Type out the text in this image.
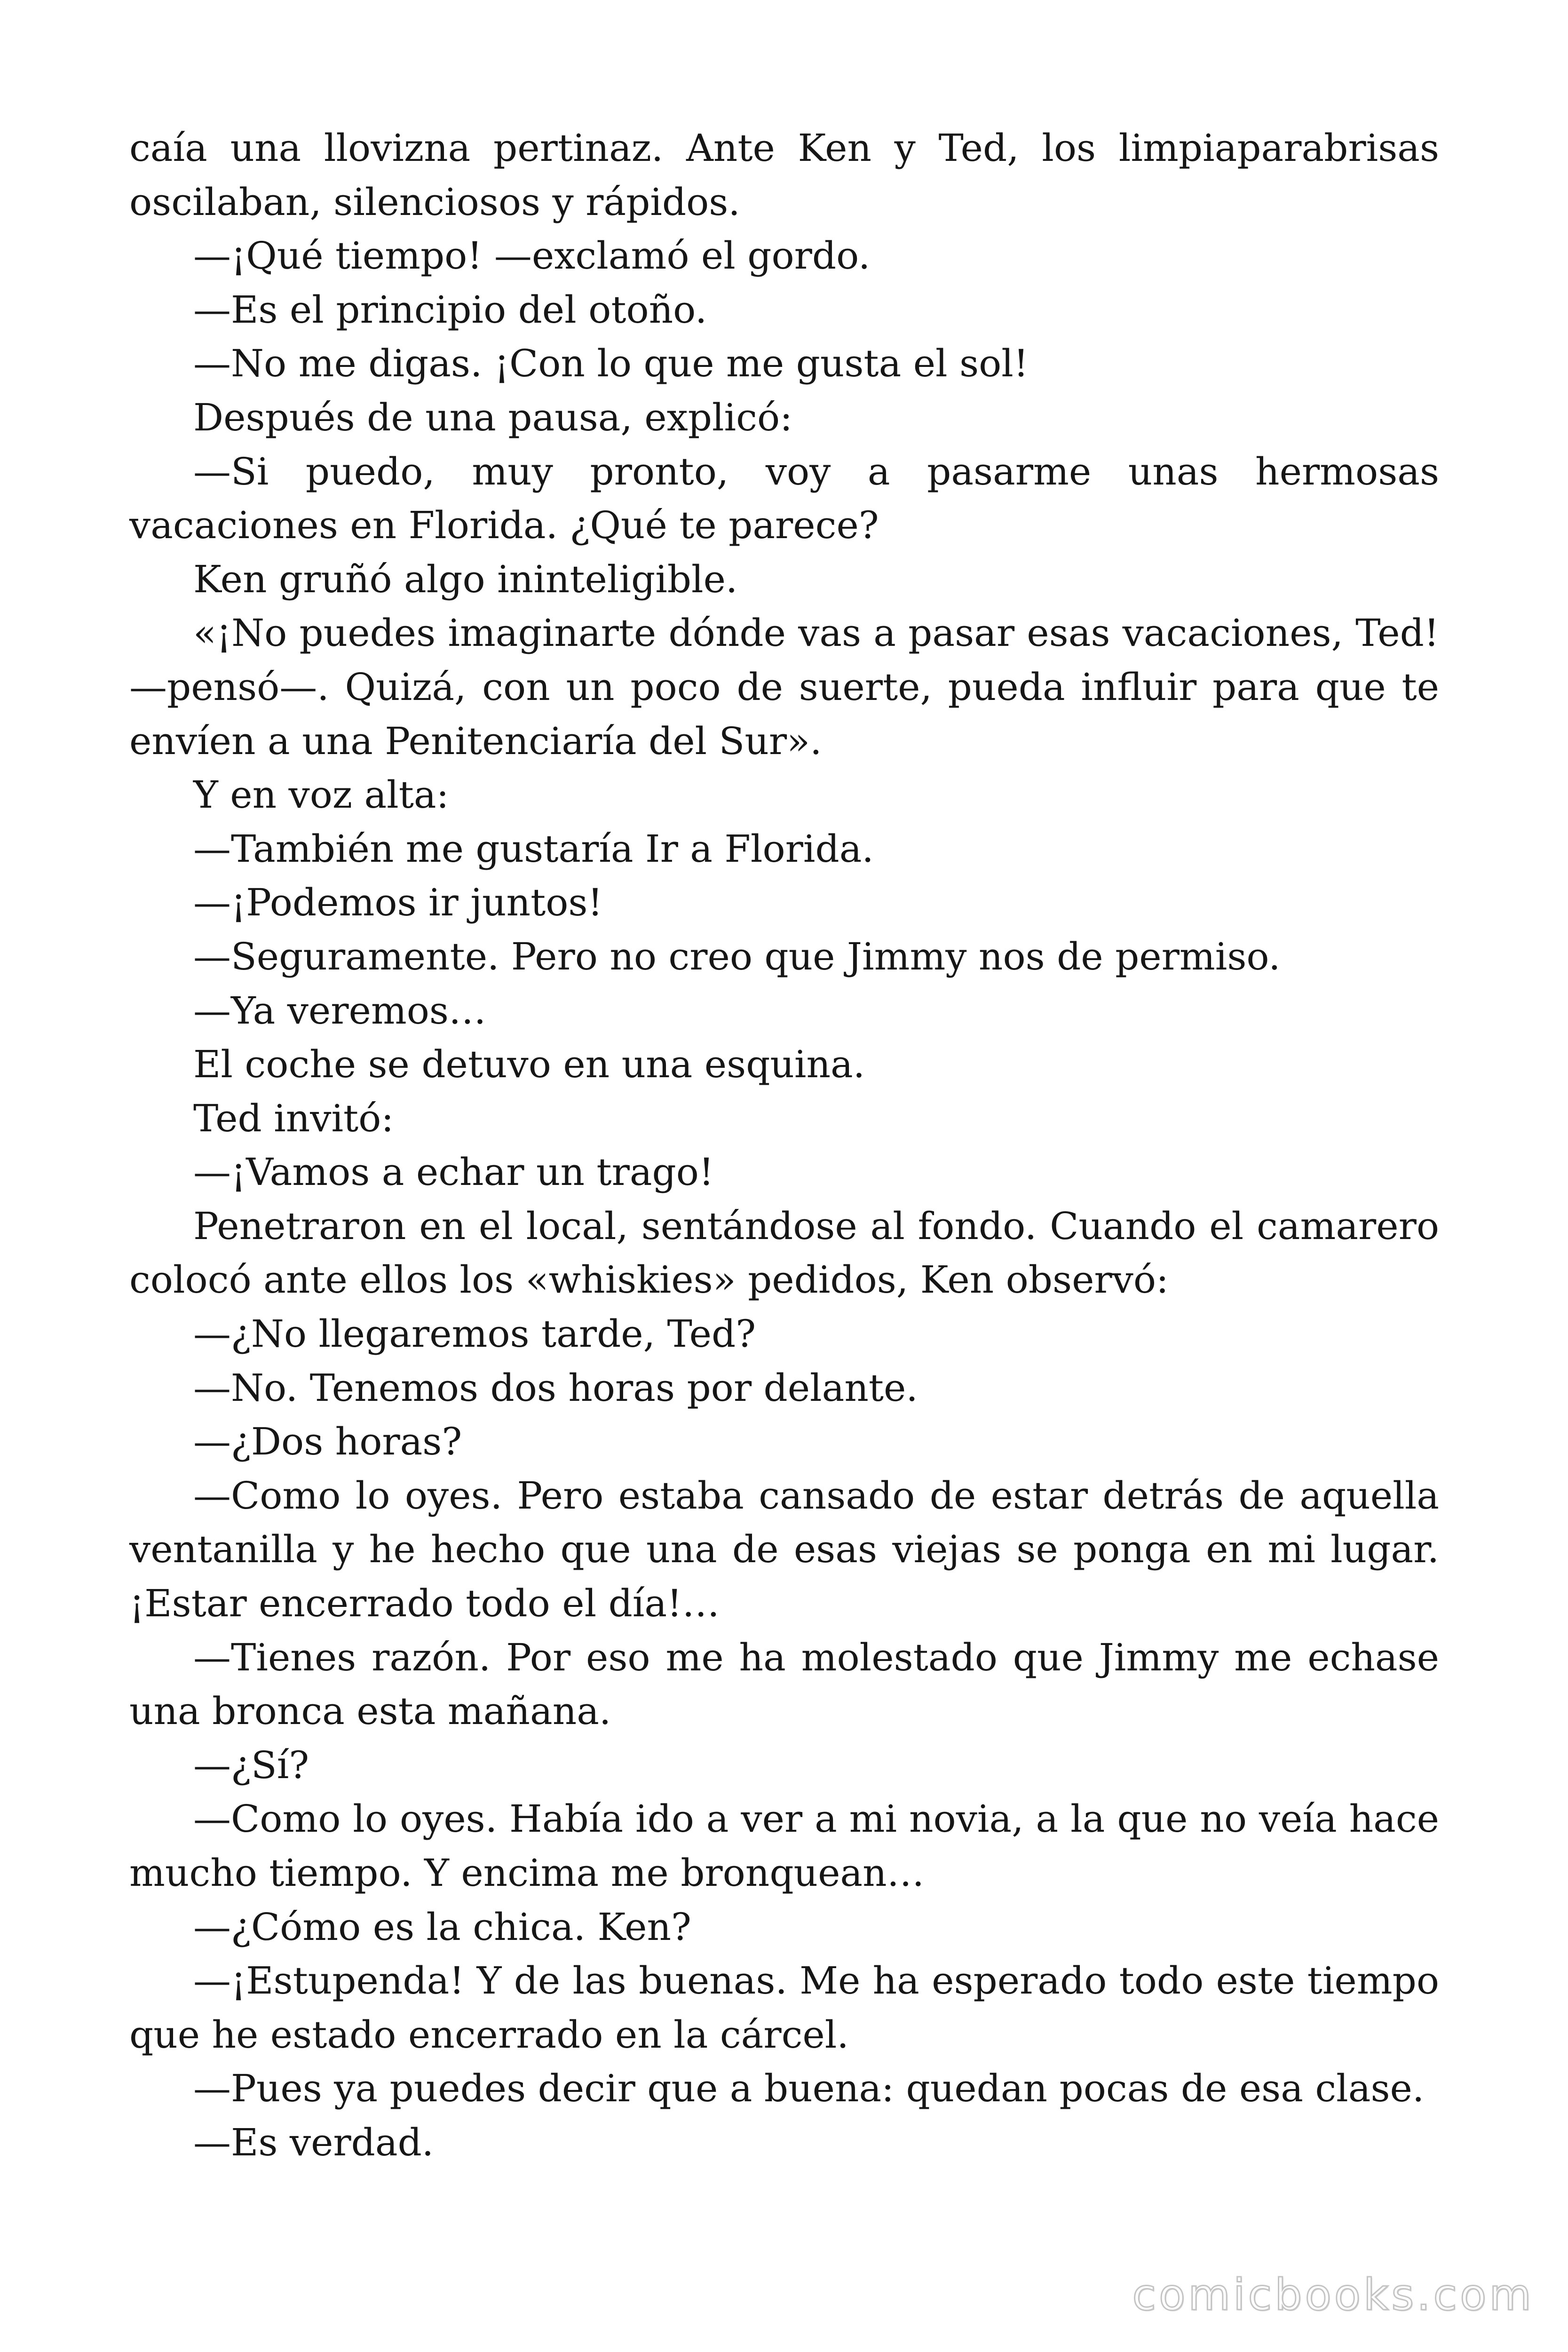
caía una llovizna pertinaz. Ante Ken y Ted, los limpiaparabrisas oscilaban, silenciosos y rápidos.

—¡Qué tiempo! —exclamó el gordo.

—Es el principio del otoño.

—No me digas. ¡Con lo que me gusta el sol!

Después de una pausa, explicó:

—Si puedo, muy pronto, voy a pasarme unas hermosas vacaciones en Florida. ¿Qué te parece?

Ken gruñó algo ininteligible.

«¡No puedes imaginarte dónde vas a pasar esas vacaciones, Ted! —pensó—. Quizá, con un poco de suerte, pueda influir para que te envíen a una Penitenciaría del Sur».

Y en voz alta:

—También me gustaría Ir a Florida.

—¡Podemos ir juntos!

—Seguramente. Pero no creo que Jimmy nos de permiso.

—Ya veremos…

El coche se detuvo en una esquina.

Ted invitó:

—¡Vamos a echar un trago!

Penetraron en el local, sentándose al fondo. Cuando el camarero colocó ante ellos los «whiskies» pedidos, Ken observó:

—¿No llegaremos tarde, Ted?

—No. Tenemos dos horas por delante.

—¿Dos horas?

—Como lo oyes. Pero estaba cansado de estar detrás de aquella ventanilla y he hecho que una de esas viejas se ponga en mi lugar. ¡Estar encerrado todo el día!…

—Tienes razón. Por eso me ha molestado que Jimmy me echase una bronca esta mañana.

—¿Sí?

—Como lo oyes. Había ido a ver a mi novia, a la que no veía hace mucho tiempo. Y encima me bronquean…

—¿Cómo es la chica. Ken?

—¡Estupenda! Y de las buenas. Me ha esperado todo este tiempo que he estado encerrado en la cárcel.

—Pues ya puedes decir que a buena: quedan pocas de esa clase.

—Es verdad.

comicbooks.com
